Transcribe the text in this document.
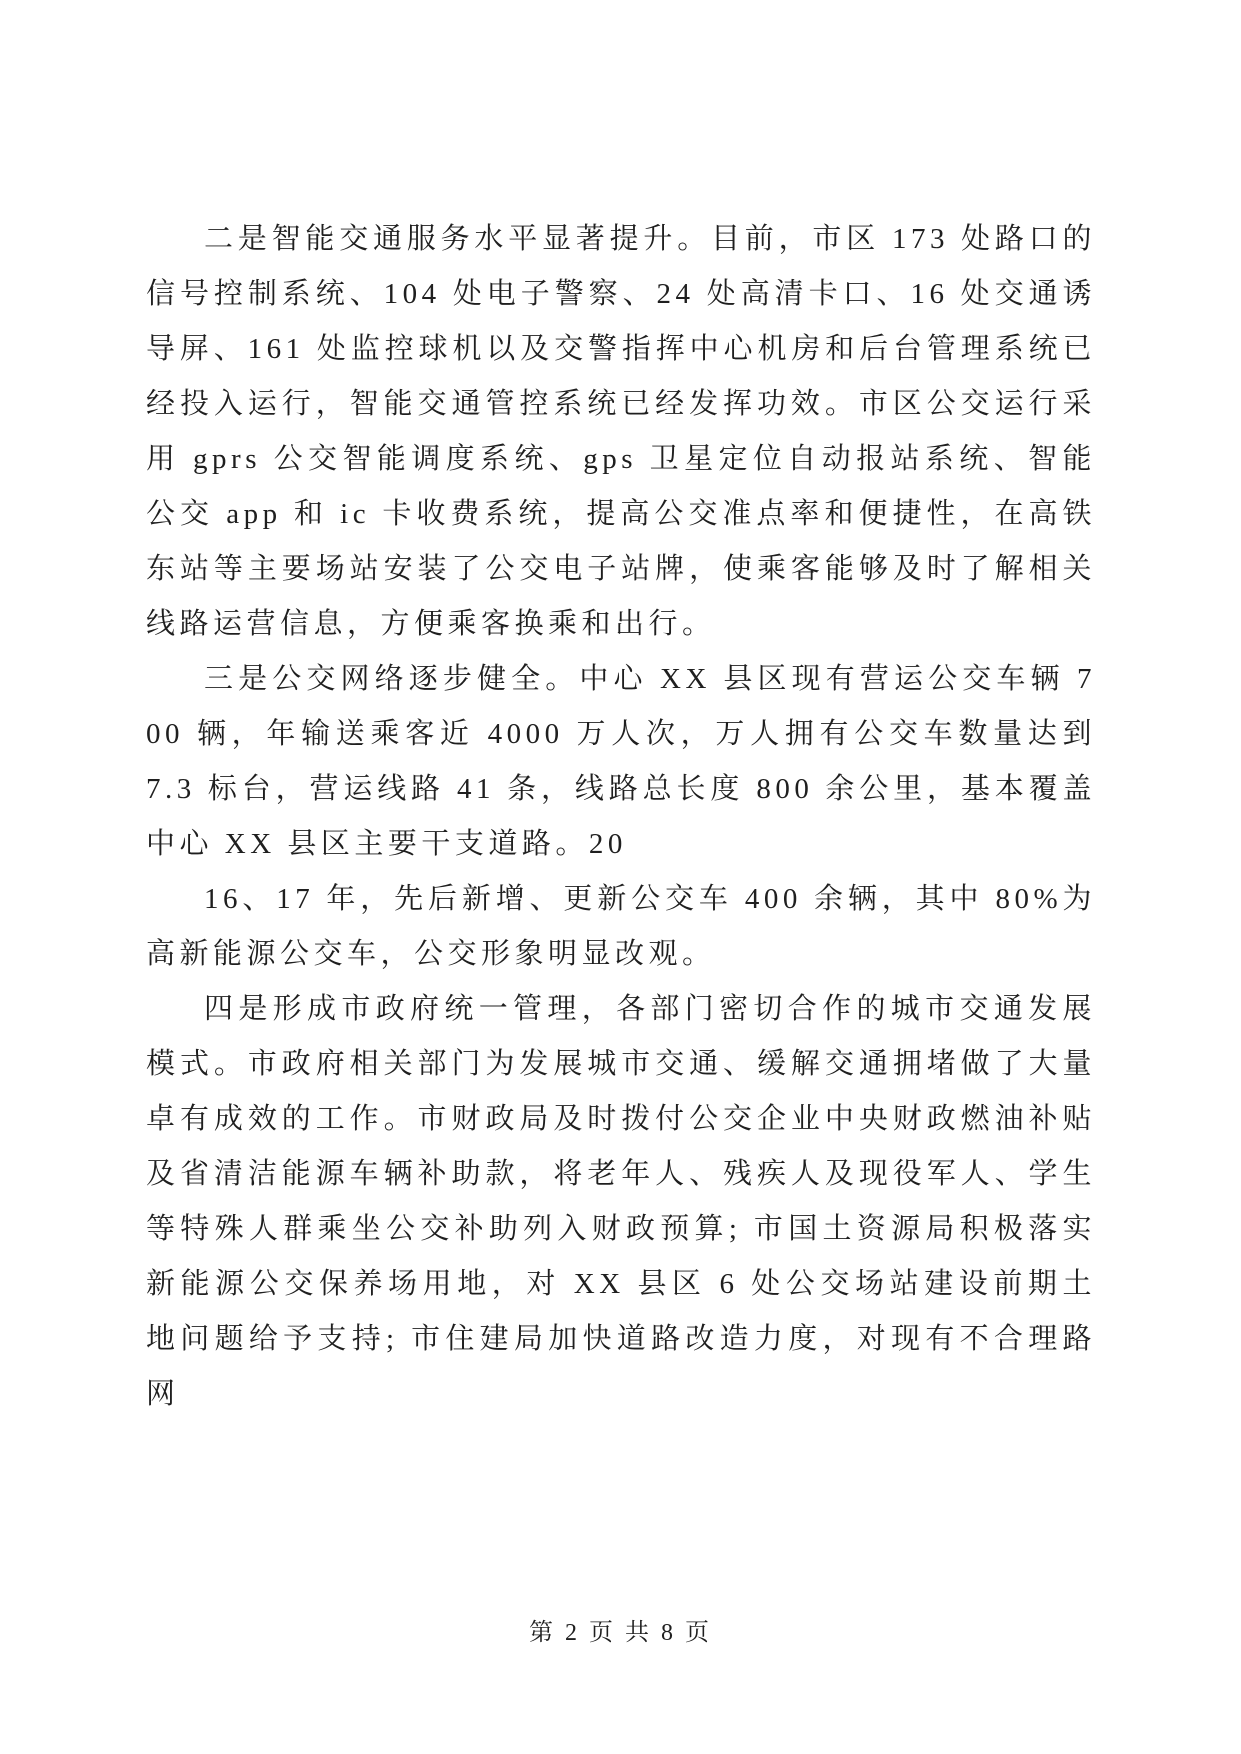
二是智能交通服务水平显著提升。目前，市区 173 处路口的信号控制系统、104 处电子警察、24 处高清卡口、16 处交通诱导屏、161 处监控球机以及交警指挥中心机房和后台管理系统已经投入运行，智能交通管控系统已经发挥功效。市区公交运行采用 gprs 公交智能调度系统、gps 卫星定位自动报站系统、智能公交 app 和 ic 卡收费系统，提高公交准点率和便捷性，在高铁东站等主要场站安装了公交电子站牌，使乘客能够及时了解相关线路运营信息，方便乘客换乘和出行。

三是公交网络逐步健全。中心 XX 县区现有营运公交车辆 700 辆，年输送乘客近 4000 万人次，万人拥有公交车数量达到 7.3 标台，营运线路 41 条，线路总长度 800 余公里，基本覆盖中心 XX 县区主要干支道路。20

16、17 年，先后新增、更新公交车 400 余辆，其中 80%为高新能源公交车，公交形象明显改观。

四是形成市政府统一管理，各部门密切合作的城市交通发展模式。市政府相关部门为发展城市交通、缓解交通拥堵做了大量卓有成效的工作。市财政局及时拨付公交企业中央财政燃油补贴及省清洁能源车辆补助款，将老年人、残疾人及现役军人、学生等特殊人群乘坐公交补助列入财政预算; 市国土资源局积极落实新能源公交保养场用地，对 XX 县区 6 处公交场站建设前期土地问题给予支持; 市住建局加快道路改造力度，对现有不合理路网

第 2 页 共 8 页
